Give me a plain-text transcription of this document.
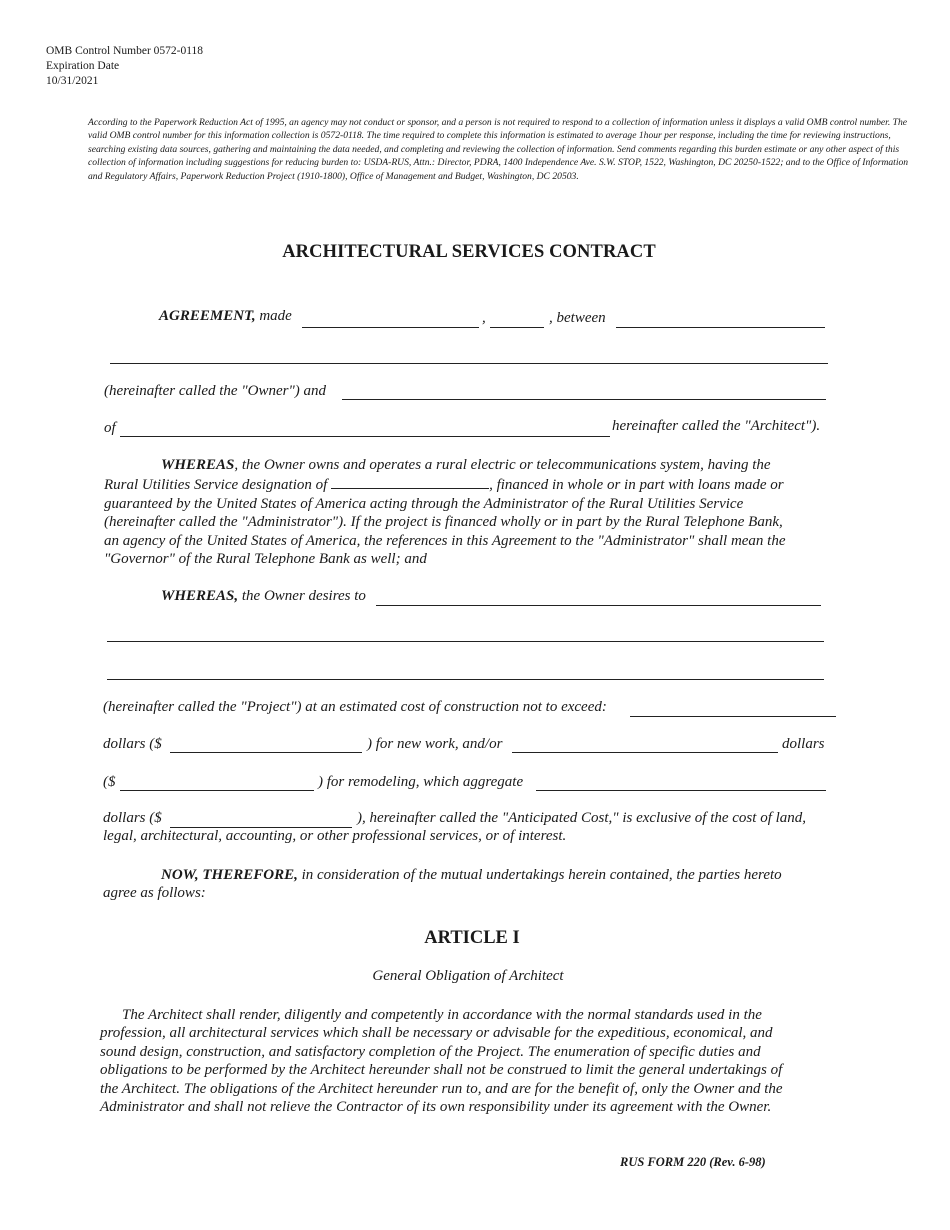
OMB Control Number 0572-0118
Expiration Date
10/31/2021
According to the Paperwork Reduction Act of 1995, an agency may not conduct or sponsor, and a person is not required to respond to a collection of information unless it displays a valid OMB control number. The valid OMB control number for this information collection is 0572-0118. The time required to complete this information is estimated to average 1hour per response, including the time for reviewing instructions, searching existing data sources, gathering and maintaining the data needed, and completing and reviewing the collection of information. Send comments regarding this burden estimate or any other aspect of this collection of information including suggestions for reducing burden to: USDA-RUS, Attn.: Director, PDRA, 1400 Independence Ave. S.W. STOP, 1522, Washington, DC 20250-1522; and to the Office of Information and Regulatory Affairs, Paperwork Reduction Project (1910-1800), Office of Management and Budget, Washington, DC 20503.
ARCHITECTURAL SERVICES CONTRACT
AGREEMENT, made	,	, between
(hereinafter called the "Owner") and
of	hereinafter called the "Architect").
WHEREAS, the Owner owns and operates a rural electric or telecommunications system, having the
Rural Utilities Service designation of	, financed in whole or in part with loans made or
guaranteed by the United States of America acting through the Administrator of the Rural Utilities Service
(hereinafter called the "Administrator"). If the project is financed wholly or in part by the Rural Telephone Bank,
an agency of the United States of America, the references in this Agreement to the "Administrator" shall mean the
"Governor" of the Rural Telephone Bank as well; and
WHEREAS, the Owner desires to
(hereinafter called the "Project") at an estimated cost of construction not to exceed:
dollars ($	) for new work, and/or	dollars
($	) for remodeling, which aggregate
dollars ($	), hereinafter called the "Anticipated Cost," is exclusive of the cost of land,
legal, architectural, accounting, or other professional services, or of interest.
NOW, THEREFORE, in consideration of the mutual undertakings herein contained, the parties hereto
agree as follows:
ARTICLE I
General Obligation of Architect
The Architect shall render, diligently and competently in accordance with the normal standards used in the
profession, all architectural services which shall be necessary or advisable for the expeditious, economical, and
sound design, construction, and satisfactory completion of the Project. The enumeration of specific duties and
obligations to be performed by the Architect hereunder shall not be construed to limit the general undertakings of
the Architect. The obligations of the Architect hereunder run to, and are for the benefit of, only the Owner and the
Administrator and shall not relieve the Contractor of its own responsibility under its agreement with the Owner.
RUS FORM 220 (Rev. 6-98)
